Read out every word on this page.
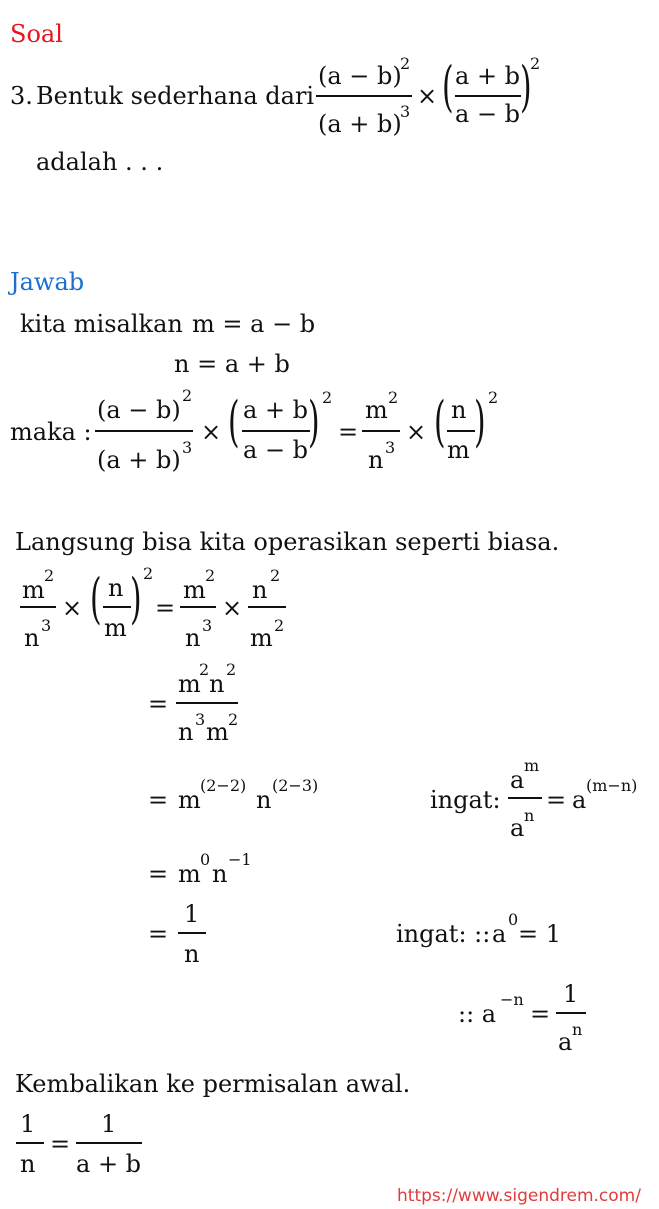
Soal
3. Bentuk sederhana dari
(a − b)
2
(a + b)
3
× ( a + b
a − b )
2
adalah . . .
Jawab
kita misalkan m = a − b
n = a + b
maka :
(a − b)
2
(a + b) 3
× ( a + b
a − b ) 2
=
m 2
n 3
× ( n
m ) 2
Langsung bisa kita operasikan seperti biasa.
m
2
n 3
× ( n
m ) 2
=
m
2
n 3
×
n
2
m 2
=
m
2
n
2
n 3 m 2
= m
(2−2)
n
(2−3)
ingat:
a
m
a n
= a
(m−n)
= m
0
n
−1
=
1
n
ingat: :: a
0
= 1
:: a
−n
=
1
a n
Kembalikan ke permisalan awal.
1
n
=
1
a + b
https://www.sigendrem.com/
